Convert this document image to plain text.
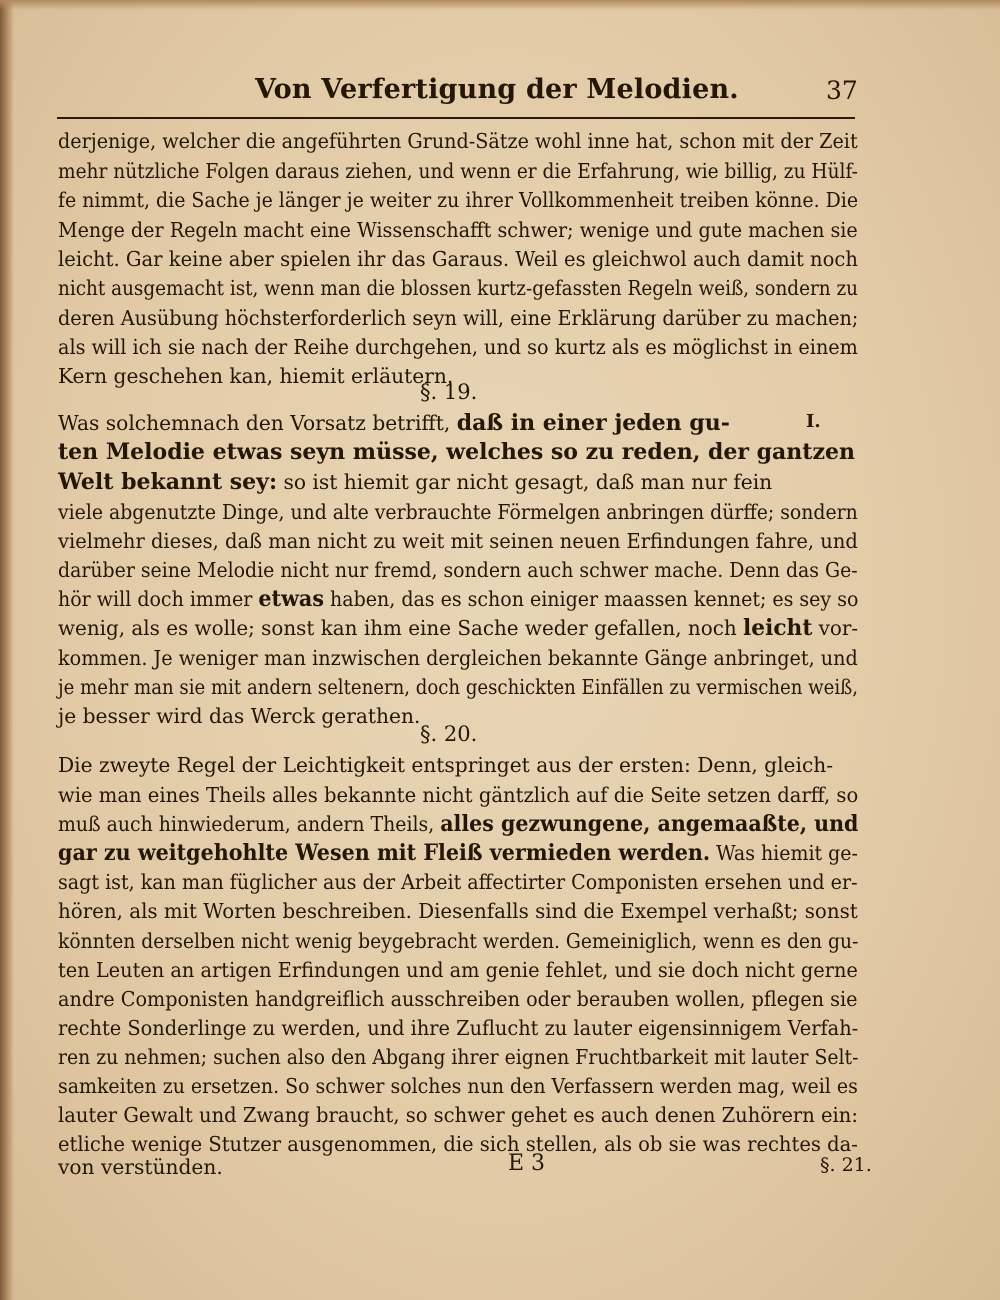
Von Verfertigung der Melodien.	37
derjenige, welcher die angeführten Grund-Sätze wohl inne hat, schon mit der Zeit
mehr nützliche Folgen daraus ziehen, und wenn er die Erfahrung, wie billig, zu Hülf-
fe nimmt, die Sache je länger je weiter zu ihrer Vollkommenheit treiben könne. Die
Menge der Regeln macht eine Wissenschafft schwer; wenige und gute machen sie
leicht. Gar keine aber spielen ihr das Garaus. Weil es gleichwol auch damit noch
nicht ausgemacht ist, wenn man die blossen kurtz-gefassten Regeln weiß, sondern zu
deren Ausübung höchsterforderlich seyn will, eine Erklärung darüber zu machen;
als will ich sie nach der Reihe durchgehen, und so kurtz als es möglichst in einem
Kern geschehen kan, hiemit erläutern.
§. 19.
I.
Was solchemnach den Vorsatz betrifft, daß in einer jeden gu-
ten Melodie etwas seyn müsse, welches so zu reden, der gantzen
Welt bekannt sey: so ist hiemit gar nicht gesagt, daß man nur fein
viele abgenutzte Dinge, und alte verbrauchte Förmelgen anbringen dürffe; sondern
vielmehr dieses, daß man nicht zu weit mit seinen neuen Erfindungen fahre, und
darüber seine Melodie nicht nur fremd, sondern auch schwer mache. Denn das Ge-
hör will doch immer etwas haben, das es schon einiger maassen kennet; es sey so
wenig, als es wolle; sonst kan ihm eine Sache weder gefallen, noch leicht vor-
kommen. Je weniger man inzwischen dergleichen bekannte Gänge anbringet, und
je mehr man sie mit andern seltenern, doch geschickten Einfällen zu vermischen weiß,
je besser wird das Werck gerathen.
§. 20.
Die zweyte Regel der Leichtigkeit entspringet aus der ersten: Denn, gleich-
wie man eines Theils alles bekannte nicht gäntzlich auf die Seite setzen darff, so
muß auch hinwiederum, andern Theils, alles gezwungene, angemaaßte, und
gar zu weitgehohlte Wesen mit Fleiß vermieden werden. Was hiemit ge-
sagt ist, kan man füglicher aus der Arbeit affectirter Componisten ersehen und er-
hören, als mit Worten beschreiben. Diesenfalls sind die Exempel verhaßt; sonst
könnten derselben nicht wenig beygebracht werden. Gemeiniglich, wenn es den gu-
ten Leuten an artigen Erfindungen und am genie fehlet, und sie doch nicht gerne
andre Componisten handgreiflich ausschreiben oder berauben wollen, pflegen sie
rechte Sonderlinge zu werden, und ihre Zuflucht zu lauter eigensinnigem Verfah-
ren zu nehmen; suchen also den Abgang ihrer eignen Fruchtbarkeit mit lauter Selt-
samkeiten zu ersetzen. So schwer solches nun den Verfassern werden mag, weil es
lauter Gewalt und Zwang braucht, so schwer gehet es auch denen Zuhörern ein:
etliche wenige Stutzer ausgenommen, die sich stellen, als ob sie was rechtes da-
von verstünden.	E 3	§. 21.
